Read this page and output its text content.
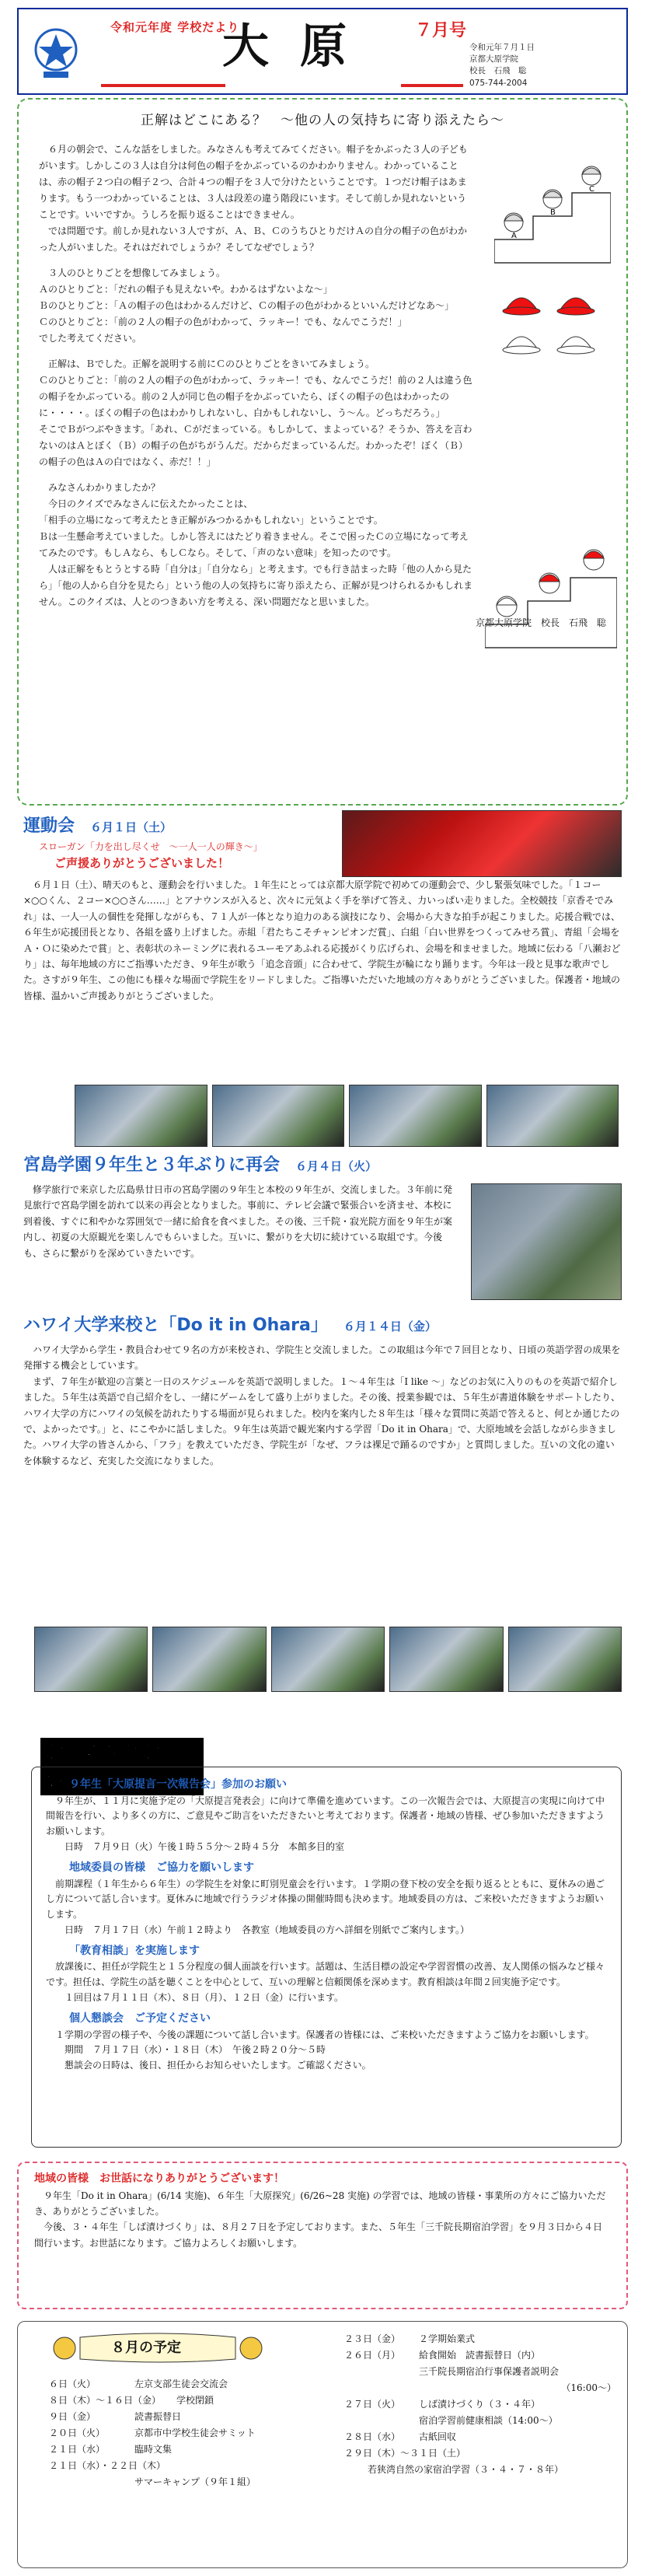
令和元年度 学校だより
大原 ７月号
令和元年７月１日
京都大原学院
校長　石飛　聡
075-744-2004
正解はどこにある？　～他の人の気持ちに寄り添えたら～

　６月の朝会で、こんな話をしました。みなさんも考えてみてください。帽子をかぶった３人の子どもがいます。しかしこの３人は自分は何色の帽子をかぶっているのかわかりません。わかっていることは、赤の帽子２つ白の帽子２つ、合計４つの帽子を３人で分けたということです。１つだけ帽子はあまります。もう一つわかっていることは、３人は段差の違う階段にいます。そして前しか見れないということです。いいですか。うしろを振り返ることはできません。

　では問題です。前しか見れない３人ですが、Ａ、Ｂ、ＣのうちひとりだけＡの自分の帽子の色がわかった人がいました。それはだれでしょうか？そしてなぜでしょう？

　３人のひとりごとを想像してみましょう。

Ａのひとりごと：「だれの帽子も見えないや。わかるはずないよな～」

Ｂのひとりごと：「Ａの帽子の色はわかるんだけど、Ｃの帽子の色がわかるといいんだけどなあ～」

Ｃのひとりごと：「前の２人の帽子の色がわかって、ラッキー！でも、なんでこうだ！」

でした考えてください。

　正解は、Ｂでした。正解を説明する前にＣのひとりごとをきいてみましょう。

Ｃのひとりごと：「前の２人の帽子の色がわかって、ラッキー！でも、なんでこうだ！前の２人は違う色の帽子をかぶっている。前の２人が同じ色の帽子をかぶっていたら、ぼくの帽子の色はわかったのに・・・・。ぼくの帽子の色はわかりしれないし、白かもしれないし、う～ん。どっちだろう。」

そこでＢがつぶやきます。「あれ、Ｃがだまっている。もしかして、まよっている？そうか、答えを言わないのはＡとぼく（Ｂ）の帽子の色がちがうんだ。だからだまっているんだ。わかったぞ！ぼく（Ｂ）の帽子の色はＡの白ではなく、赤だ！！」

　みなさんわかりましたか？

　今日のクイズでみなさんに伝えたかったことは、

「相手の立場になって考えたとき正解がみつかるかもしれない」ということです。

Ｂは一生懸命考えていました。しかし答えにはたどり着きません。そこで困ったＣの立場になって考えてみたのです。もしＡなら、もしＣなら。そして、「声のない意味」を知ったのです。

　人は正解をもとうとする時「自分は」「自分なら」と考えます。でも行き詰まった時「他の人から見たら」「他の人から自分を見たら」という他の人の気持ちに寄り添えたら、正解が見つけられるかもしれません。このクイズは、人とのつきあい方を考える、深い問題だなと思いました。

京都大原学院　校長　石飛　聡

A
B
C
運動会 ６月１日（土）
スローガン「力を出し尽くせ　～一人一人の輝き～」
ご声援ありがとうございました！

６月１日（土）、晴天のもと、運動会を行いました。１年生にとっては京都大原学院で初めての運動会で、少し緊張気味でした。「１コー×○○くん、２コー×○○さん……」とアナウンスが入ると、次々に元気よく手を挙げて答え、力いっぱい走りました。全校競技「京香そでみれ」は、一人一人の個性を発揮しながらも、７１人が一体となり迫力のある演技になり、会場から大きな拍手が起こりました。応援合戦では、６年生が応援団長となり、各組を盛り上げました。赤組「君たちこそチャンピオンだ賞」、白組「白い世界をつくってみせろ賞」、青組「会場をＡ・Ｏに染めたで賞」と、表彰状のネーミングに表れるユーモアあふれる応援がくり広げられ、会場を和ませました。地域に伝わる「八瀬おどり」は、毎年地域の方にご指導いただき、９年生が歌う「追念音頭」に合わせて、学院生が輪になり踊ります。今年は一段と見事な歌声でした。さすが９年生、この他にも様々な場面で学院生をリードしました。ご指導いただいた地域の方々ありがとうございました。保護者・地域の皆様、温かいご声援ありがとうございました。

宮島学園９年生と３年ぶりに再会 ６月４日（火）

修学旅行で来京した広島県廿日市の宮島学園の９年生と本校の９年生が、交流しました。３年前に発見旅行で宮島学園を訪れて以来の再会となりました。事前に、テレビ会議で緊張合いを済ませ、本校に到着後、すぐに和やかな雰囲気で一緒に給食を食べました。その後、三千院・寂光院方面を９年生が案内し、初夏の大原観光を楽しんでもらいました。互いに、繋がりを大切に続けている取組です。今後も、さらに繋がりを深めていきたいです。

ハワイ大学来校と「Do it in Ohara」 ６月１４日（金）

ハワイ大学から学生・教員合わせて９名の方が来校され、学院生と交流しました。この取組は今年で７回目となり、日頃の英語学習の成果を発揮する機会としています。

まず、７年生が歓迎の言葉と一日のスケジュールを英語で説明しました。１～４年生は「I like ～」などのお気に入りのものを英語で紹介しました。５年生は英語で自己紹介をし、一緒にゲームをして盛り上がりました。その後、授業参観では、５年生が書道体験をサポートしたり、ハワイ大学の方にハワイの気候を訪れたりする場面が見られました。校内を案内した８年生は「様々な質問に英語で答えると、何とか通じたので、よかったです。」と、にこやかに話しました。９年生は英語で観光案内する学習「Do it in Ohara」で、大原地域を会話しながら歩きました。ハワイ大学の皆さんから、「フラ」を教えていただき、学院生が「なぜ、フラは裸足で踊るのですか」と質問しました。互いの文化の違いを体験するなど、充実した交流になりました。

お知らせとお願い ９年生「大原提言一次報告会」参加のお願い

９年生が、１１月に実施予定の「大原提言発表会」に向けて準備を進めています。この一次報告会では、大原提言の実現に向けて中間報告を行い、より多くの方に、ご意見やご助言をいただきたいと考えております。保護者・地域の皆様、ぜひ参加いただきますようお願いします。

日時　７月９日（火）午後１時５５分～２時４５分　本館多目的室
地域委員の皆様　ご協力を願いします

前期課程（１年生から６年生）の学院生を対象に町別児童会を行います。１学期の登下校の安全を振り返るとともに、夏休みの過ごし方について話し合います。夏休みに地域で行うラジオ体操の開催時間も決めます。地域委員の方は、ご来校いただきますようお願いします。

日時　７月１７日（水）午前１２時より　各教室（地域委員の方へ詳細を別紙でご案内します。）
「教育相談」を実施します

放課後に、担任が学院生と１５分程度の個人面談を行います。話題は、生活目標の設定や学習習慣の改善、友人関係の悩みなど様々です。担任は、学院生の話を聴くことを中心として、互いの理解と信頼関係を深めます。教育相談は年間２回実施予定です。

１回目は７月１１日（木）、８日（月）、１２日（金）に行います。
個人懇談会　ご予定ください

１学期の学習の様子や、今後の課題について話し合います。保護者の皆様には、ご来校いただきますようご協力をお願いします。

期間　７月１７日（水）・１８日（木）　午後２時２０分～５時
懇談会の日時は、後日、担任からお知らせいたします。ご確認ください。
地域の皆様　お世話になりありがとうございます！

９年生「Do it in Ohara」(6/14 実施)、６年生「大原探究」(6/26~28 実施) の学習では、地域の皆様・事業所の方々にご協力いただき、ありがとうございました。

今後、３・４年生「しば漬けづくり」は、８月２７日を予定しております。また、５年生「三千院長期宿泊学習」を９月３日から４日間行います。お世話になります。ご協力よろしくお願いします。

８月の予定
６日（火）	左京支部生徒会交流会
８日（木）～１６日（金） 学校閉鎖
９日（金）	読書振替日
２０日（火）	京都市中学校生徒会サミット
２１日（水）	臨時文集
２１日（水）・２２日（木）
サマーキャンプ（９年１組）
２３日（金）	２学期始業式
２６日（月）	給食開始　読書振替日（内）
三千院長期宿泊行事保護者説明会
（16:00～）
２７日（火）	しば漬けづくり（３・４年）
宿泊学習前健康相談（14:00～）
２８日（水）	古紙回収
２９日（木）～３１日（土）
若狭湾自然の家宿泊学習（３・４・７・８年）
